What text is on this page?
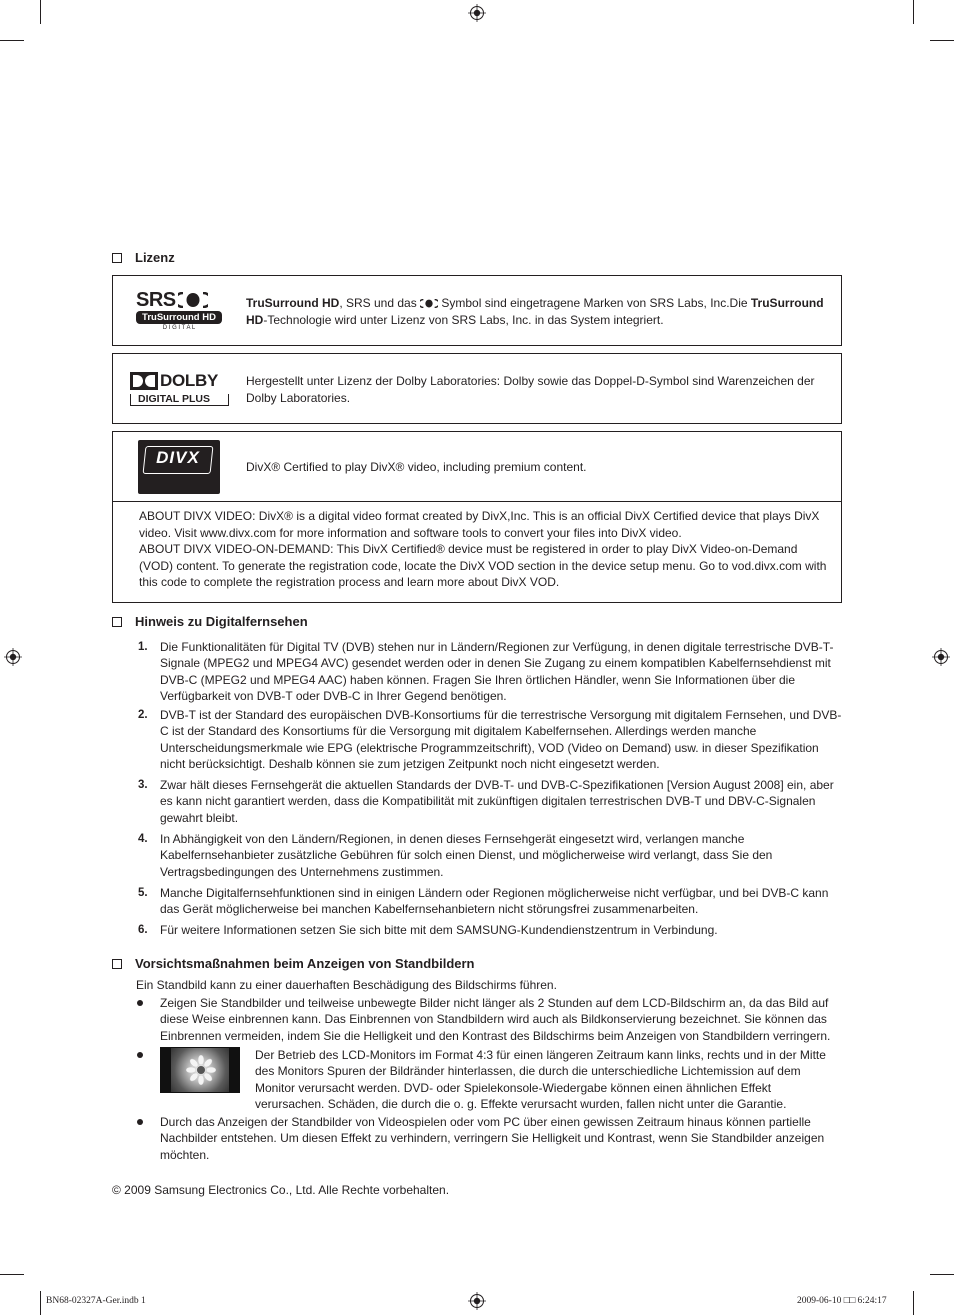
Lizenz
SRS
TruSurround HD
D I G I T A L
TruSurround HD, SRS und das  Symbol sind eingetragene Marken von SRS Labs, Inc.Die TruSurround HD-Technologie wird unter Lizenz von SRS Labs, Inc. in das System integriert.
DOLBY
DIGITAL PLUS
Hergestellt unter Lizenz der Dolby Laboratories: Dolby sowie das Doppel-D-Symbol sind Warenzeichen der Dolby Laboratories.
DIVX	DivX® Certified to play DivX® video, including premium content.
ABOUT DIVX VIDEO: DivX® is a digital video format created by DivX,Inc. This is an official DivX Certified device that plays DivX video. Visit www.divx.com for more information and software tools to convert your files into DivX video.
ABOUT DIVX VIDEO-ON-DEMAND: This DivX Certified® device must be registered in order to play DivX Video-on-Demand (VOD) content. To generate the registration code, locate the DivX VOD section in the device setup menu. Go to vod.divx.com with this code to complete the registration process and learn more about DivX VOD.
Hinweis zu Digitalfernsehen
1.	Die Funktionalitäten für Digital TV (DVB) stehen nur in Ländern/Regionen zur Verfügung, in denen digitale terrestrische DVB-T-Signale (MPEG2 und MPEG4 AVC) gesendet werden oder in denen Sie Zugang zu einem kompatiblen Kabelfernsehdienst mit DVB-C (MPEG2 und MPEG4 AAC) haben können. Fragen Sie Ihren örtlichen Händler, wenn Sie Informationen über die Verfügbarkeit von DVB-T oder DVB-C in Ihrer Gegend benötigen.
2.	DVB-T ist der Standard des europäischen DVB-Konsortiums für die terrestrische Versorgung mit digitalem Fernsehen, und DVB-C ist der Standard des Konsortiums für die Versorgung mit digitalem Kabelfernsehen. Allerdings werden manche Unterscheidungsmerkmale wie EPG (elektrische Programmzeitschrift), VOD (Video on Demand) usw. in dieser Spezifikation nicht berücksichtigt. Deshalb können sie zum jetzigen Zeitpunkt noch nicht eingesetzt werden.
3.	Zwar hält dieses Fernsehgerät die aktuellen Standards der DVB-T- und DVB-C-Spezifikationen [Version August 2008] ein, aber es kann nicht garantiert werden, dass die Kompatibilität mit zukünftigen digitalen terrestrischen DVB-T und DBV-C-Signalen gewahrt bleibt.
4.	In Abhängigkeit von den Ländern/Regionen, in denen dieses Fernsehgerät eingesetzt wird, verlangen manche Kabelfernsehanbieter zusätzliche Gebühren für solch einen Dienst, und möglicherweise wird verlangt, dass Sie den Vertragsbedingungen des Unternehmens zustimmen.
5.	Manche Digitalfernsehfunktionen sind in einigen Ländern oder Regionen möglicherweise nicht verfügbar, und bei DVB-C kann das Gerät möglicherweise bei manchen Kabelfernsehanbietern nicht störungsfrei zusammenarbeiten.
6.	Für weitere Informationen setzen Sie sich bitte mit dem SAMSUNG-Kundendienstzentrum in Verbindung.
Vorsichtsmaßnahmen beim Anzeigen von Standbildern
Ein Standbild kann zu einer dauerhaften Beschädigung des Bildschirms führen.
Zeigen Sie Standbilder und teilweise unbewegte Bilder nicht länger als 2 Stunden auf dem LCD-Bildschirm an, da das Bild auf diese Weise einbrennen kann. Das Einbrennen von Standbildern wird auch als Bildkonservierung bezeichnet. Sie können das Einbrennen vermeiden, indem Sie die Helligkeit und den Kontrast des Bildschirms beim Anzeigen von Standbildern verringern.
Der Betrieb des LCD-Monitors im Format 4:3 für einen längeren Zeitraum kann links, rechts und in der Mitte des Monitors Spuren der Bildränder hinterlassen, die durch die unterschiedliche Lichtemission auf dem Monitor verursacht werden. DVD- oder Spielekonsole-Wiedergabe können einen ähnlichen Effekt verursachen. Schäden, die durch die o. g. Effekte verursacht wurden, fallen nicht unter die Garantie.
Durch das Anzeigen der Standbilder von Videospielen oder vom PC über einen gewissen Zeitraum hinaus können partielle Nachbilder entstehen. Um diesen Effekt zu verhindern, verringern Sie Helligkeit und Kontrast, wenn Sie Standbilder anzeigen möchten.
© 2009 Samsung Electronics Co., Ltd. Alle Rechte vorbehalten.
BN68-02327A-Ger.indb 1	2009-06-10 □□ 6:24:17
